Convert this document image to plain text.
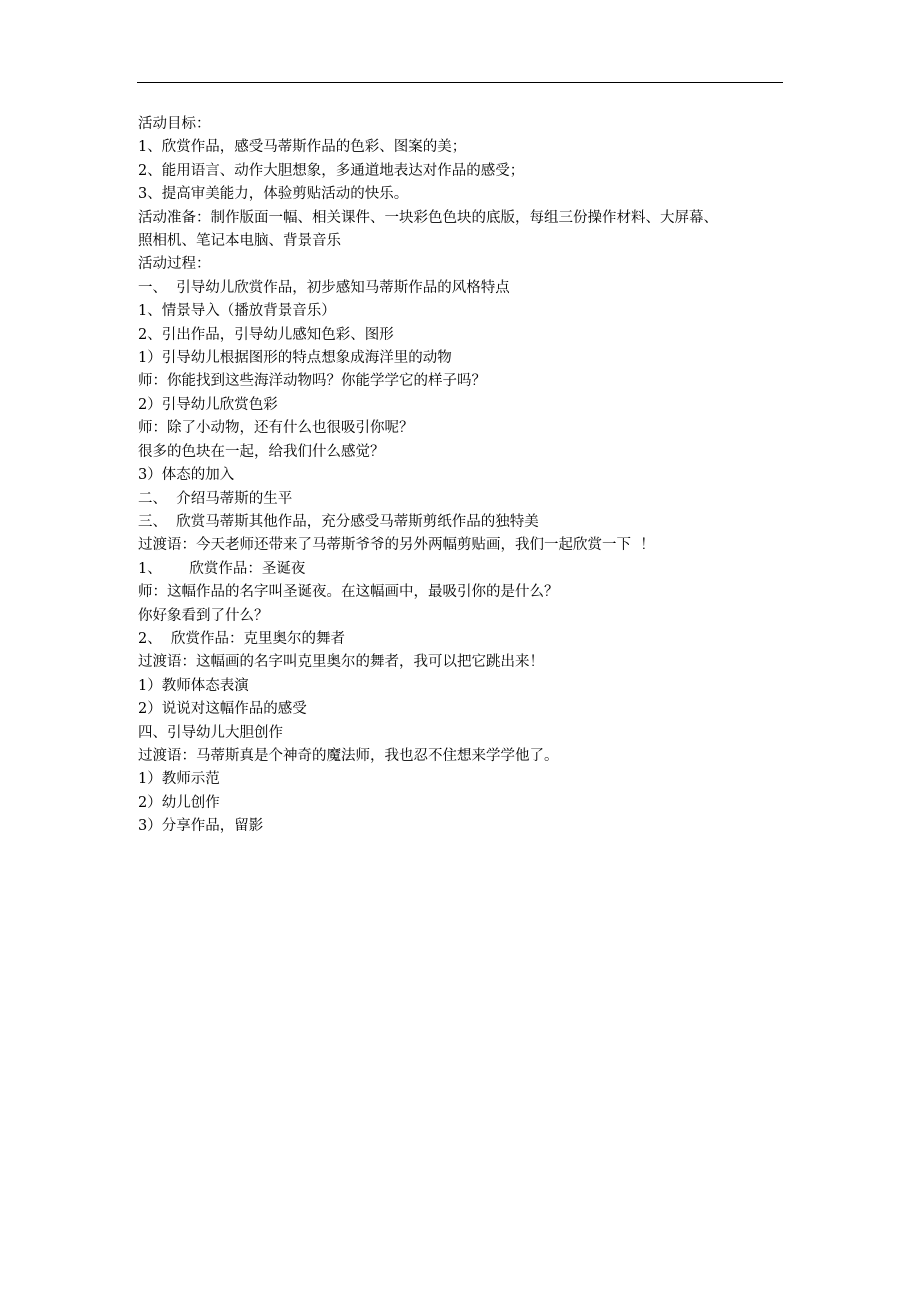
活动目标：

1、欣赏作品，感受马蒂斯作品的色彩、图案的美；

2、能用语言、动作大胆想象，多通道地表达对作品的感受；

3、提高审美能力，体验剪贴活动的快乐。

活动准备：制作版面一幅、相关课件、一块彩色色块的底版，每组三份操作材料、大屏幕、

照相机、笔记本电脑、背景音乐

活动过程：

一、  引导幼儿欣赏作品，初步感知马蒂斯作品的风格特点

1、情景导入（播放背景音乐）

2、引出作品，引导幼儿感知色彩、图形

1）引导幼儿根据图形的特点想象成海洋里的动物

师：你能找到这些海洋动物吗？你能学学它的样子吗？

2）引导幼儿欣赏色彩

师：除了小动物，还有什么也很吸引你呢？

很多的色块在一起，给我们什么感觉？

3）体态的加入

二、  介绍马蒂斯的生平

三、  欣赏马蒂斯其他作品，充分感受马蒂斯剪纸作品的独特美

过渡语：今天老师还带来了马蒂斯爷爷的另外两幅剪贴画，我们一起欣赏一下  ！

1、      欣赏作品：圣诞夜

师：这幅作品的名字叫圣诞夜。在这幅画中，最吸引你的是什么？

你好象看到了什么？

2、  欣赏作品：克里奥尔的舞者

过渡语：这幅画的名字叫克里奥尔的舞者，我可以把它跳出来！

1）教师体态表演

2）说说对这幅作品的感受

四、引导幼儿大胆创作

过渡语：马蒂斯真是个神奇的魔法师，我也忍不住想来学学他了。

1）教师示范

2）幼儿创作

3）分享作品，留影
